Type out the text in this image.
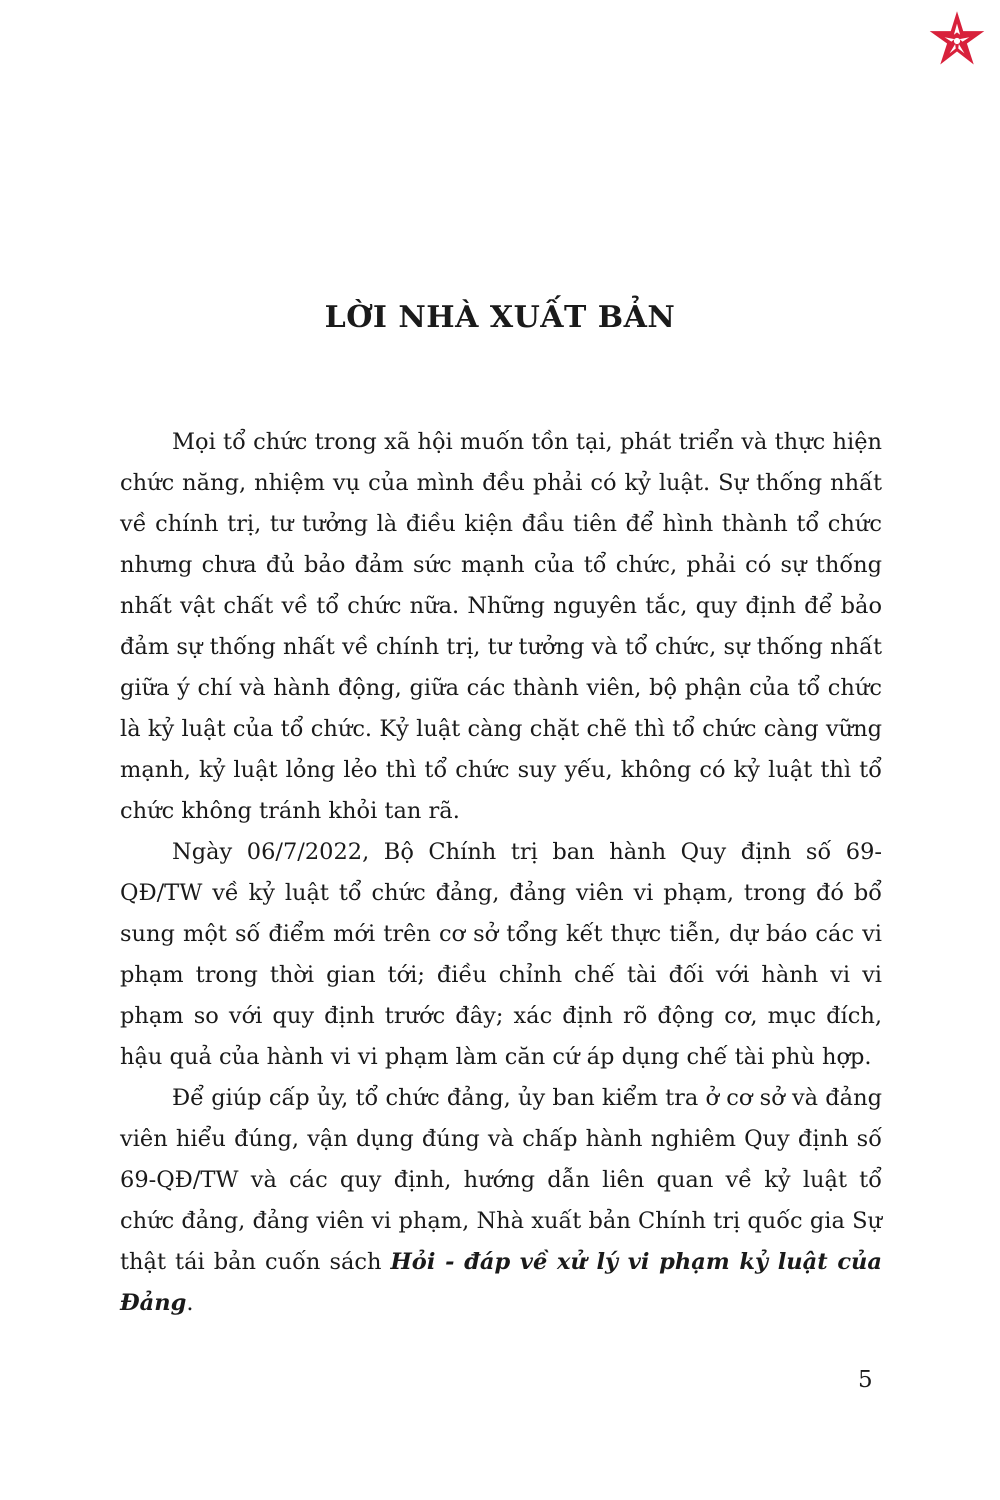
LỜI NHÀ XUẤT BẢN

Mọi tổ chức trong xã hội muốn tồn tại, phát triển và thực hiện chức năng, nhiệm vụ của mình đều phải có kỷ luật. Sự thống nhất về chính trị, tư tưởng là điều kiện đầu tiên để hình thành tổ chức nhưng chưa đủ bảo đảm sức mạnh của tổ chức, phải có sự thống nhất vật chất về tổ chức nữa. Những nguyên tắc, quy định để bảo đảm sự thống nhất về chính trị, tư tưởng và tổ chức, sự thống nhất giữa ý chí và hành động, giữa các thành viên, bộ phận của tổ chức là kỷ luật của tổ chức. Kỷ luật càng chặt chẽ thì tổ chức càng vững mạnh, kỷ luật lỏng lẻo thì tổ chức suy yếu, không có kỷ luật thì tổ chức không tránh khỏi tan rã.

Ngày 06/7/2022, Bộ Chính trị ban hành Quy định số 69-QĐ/TW về kỷ luật tổ chức đảng, đảng viên vi phạm, trong đó bổ sung một số điểm mới trên cơ sở tổng kết thực tiễn, dự báo các vi phạm trong thời gian tới; điều chỉnh chế tài đối với hành vi vi phạm so với quy định trước đây; xác định rõ động cơ, mục đích, hậu quả của hành vi vi phạm làm căn cứ áp dụng chế tài phù hợp.

Để giúp cấp ủy, tổ chức đảng, ủy ban kiểm tra ở cơ sở và đảng viên hiểu đúng, vận dụng đúng và chấp hành nghiêm Quy định số 69-QĐ/TW và các quy định, hướng dẫn liên quan về kỷ luật tổ chức đảng, đảng viên vi phạm, Nhà xuất bản Chính trị quốc gia Sự thật tái bản cuốn sách Hỏi - đáp về xử lý vi phạm kỷ luật của Đảng.

5
